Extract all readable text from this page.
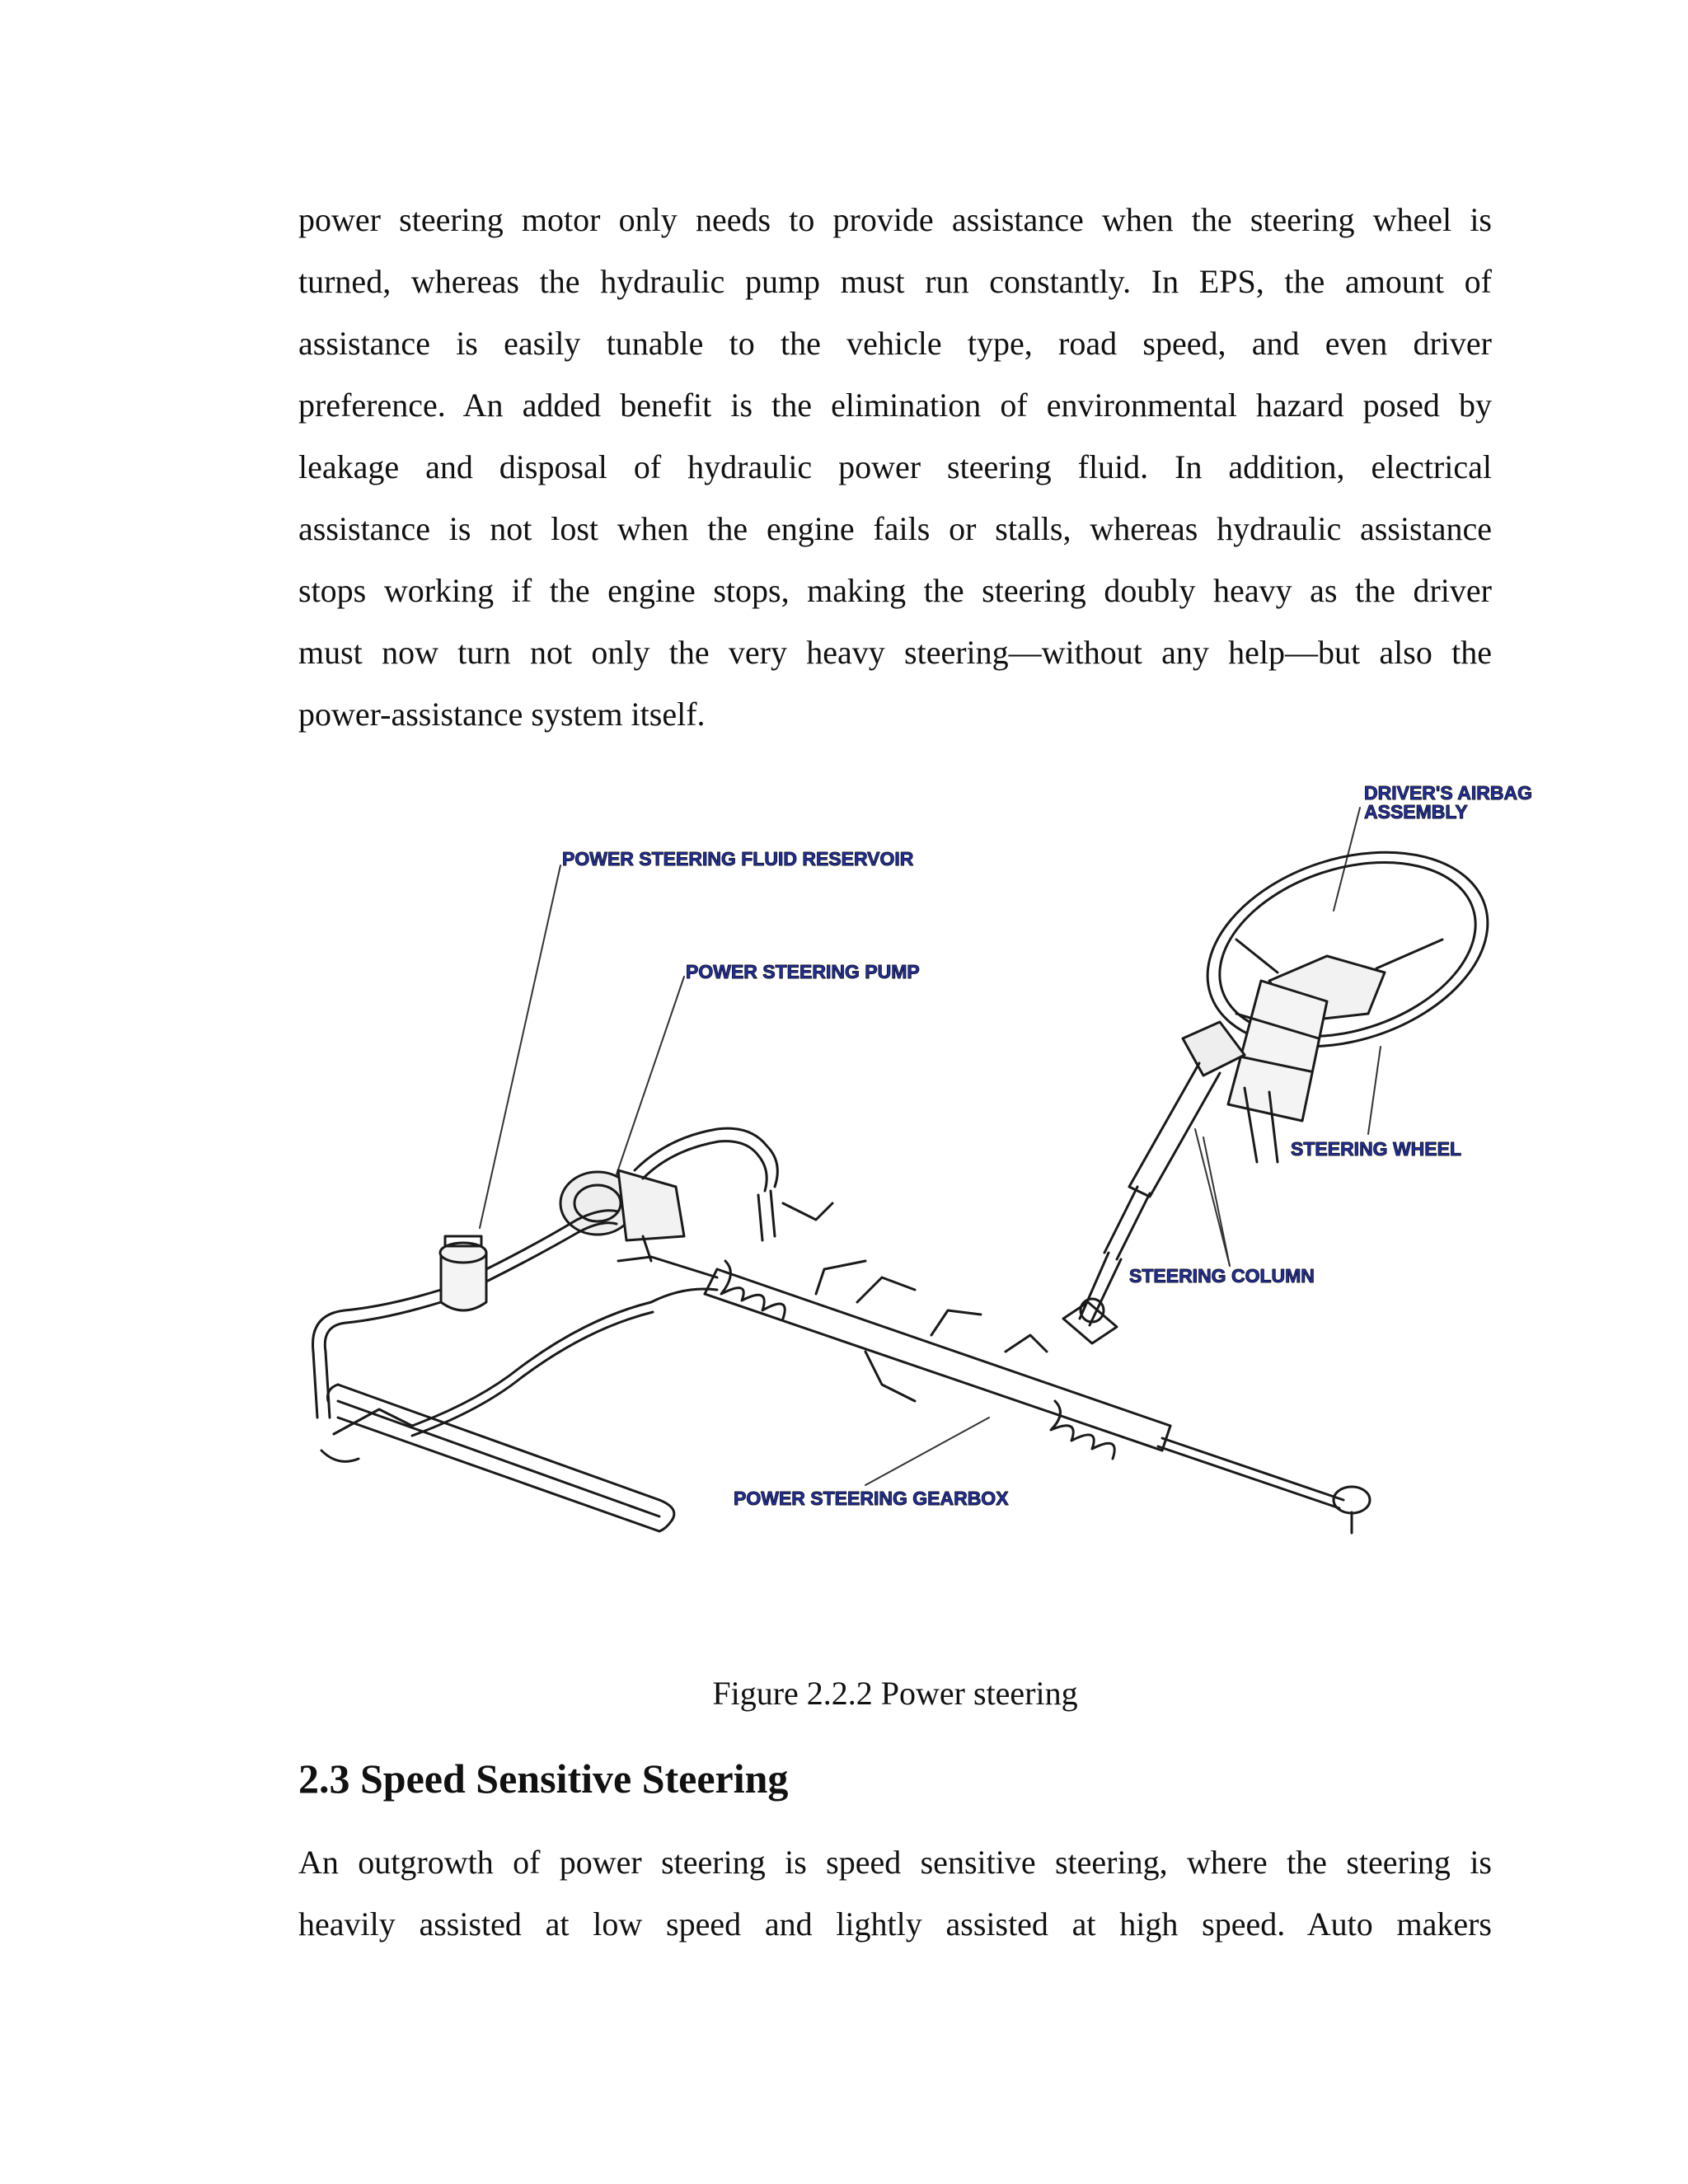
power steering motor only needs to provide assistance when the steering wheel is
turned, whereas the hydraulic pump must run constantly. In EPS, the amount of
assistance is easily tunable to the vehicle type, road speed, and even driver
preference. An added benefit is the elimination of environmental hazard posed by
leakage and disposal of hydraulic power steering fluid. In addition, electrical
assistance is not lost when the engine fails or stalls, whereas hydraulic assistance
stops working if the engine stops, making the steering doubly heavy as the driver
must now turn not only the very heavy steering—without any help—but also the
power-assistance system itself.
DRIVER'S AIRBAG
ASSEMBLY
POWER STEERING FLUID RESERVOIR
POWER STEERING PUMP
STEERING WHEEL
STEERING COLUMN
POWER STEERING GEARBOX
Figure 2.2.2 Power steering
2.3 Speed Sensitive Steering
An outgrowth of power steering is speed sensitive steering, where the steering is
heavily assisted at low speed and lightly assisted at high speed. Auto makers
